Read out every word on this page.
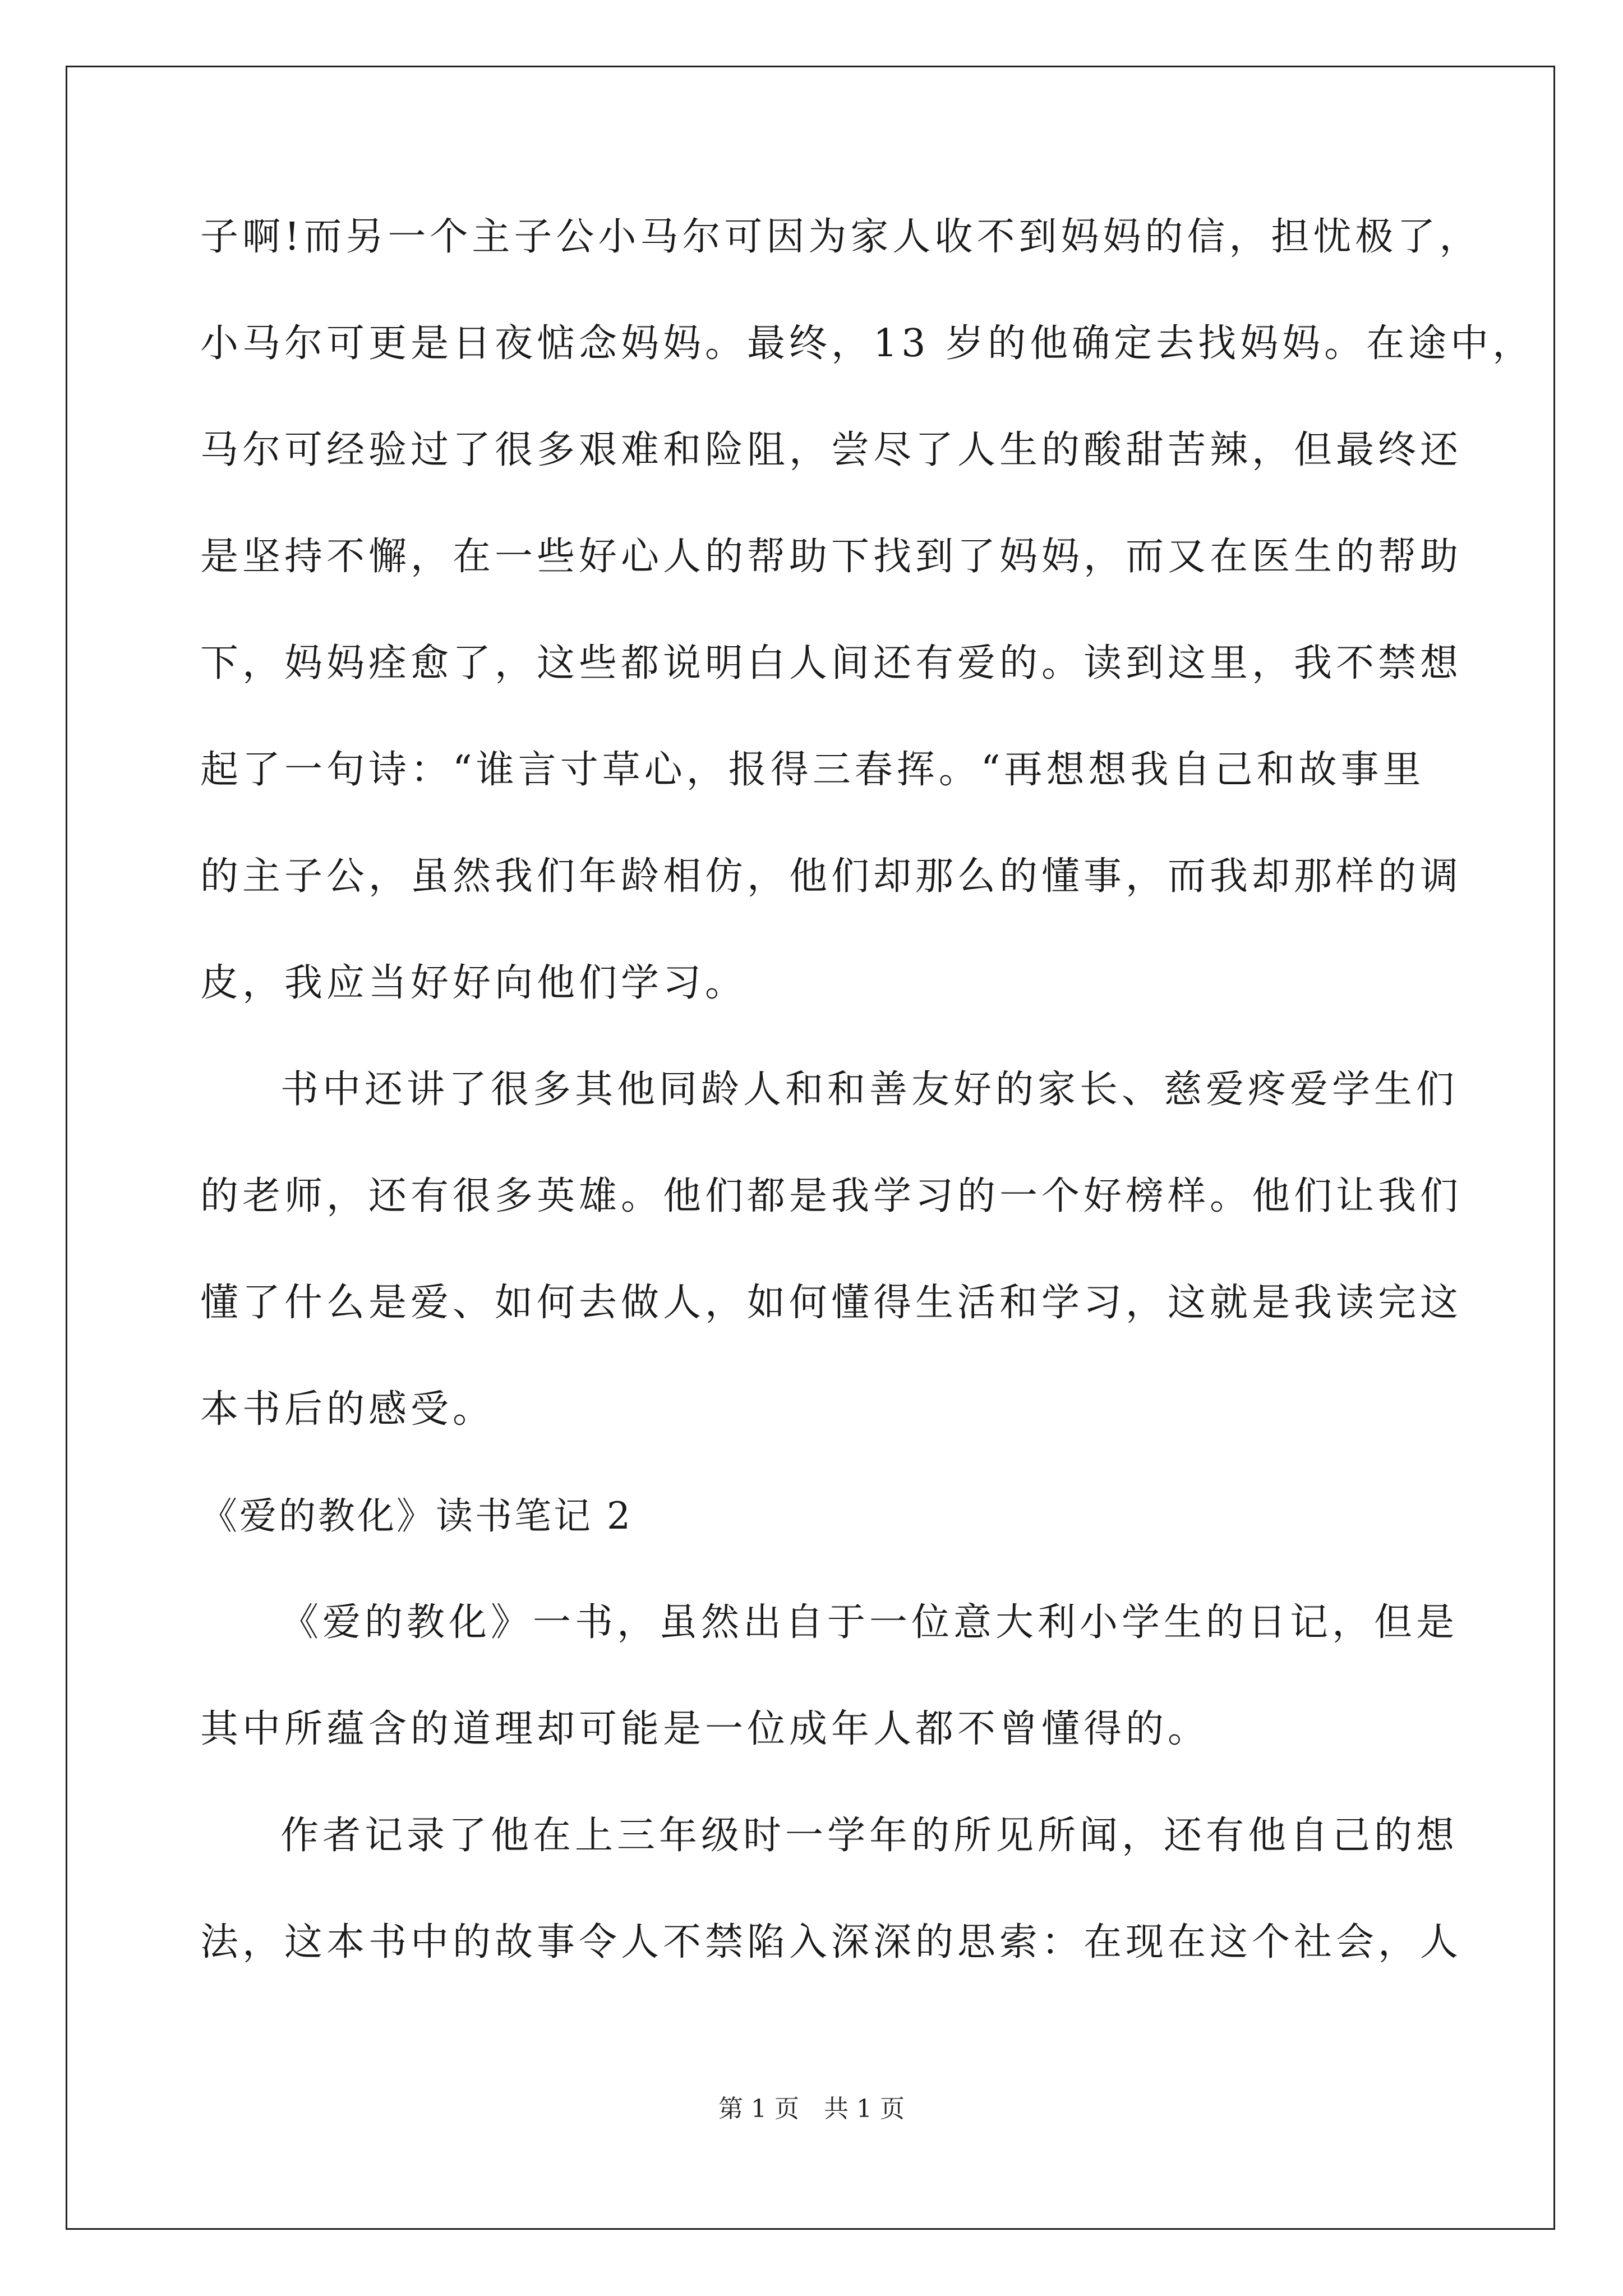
子啊!而另一个主子公小马尔可因为家人收不到妈妈的信，担忧极了，

小马尔可更是日夜惦念妈妈。最终，13 岁的他确定去找妈妈。在途中，

马尔可经验过了很多艰难和险阻，尝尽了人生的酸甜苦辣，但最终还

是坚持不懈，在一些好心人的帮助下找到了妈妈，而又在医生的帮助

下，妈妈痊愈了，这些都说明白人间还有爱的。读到这里，我不禁想

起了一句诗：“谁言寸草心，报得三春挥。“再想想我自己和故事里

的主子公，虽然我们年龄相仿，他们却那么的懂事，而我却那样的调

皮，我应当好好向他们学习。

书中还讲了很多其他同龄人和和善友好的家长、慈爱疼爱学生们

的老师，还有很多英雄。他们都是我学习的一个好榜样。他们让我们

懂了什么是爱、如何去做人，如何懂得生活和学习，这就是我读完这

本书后的感受。

《爱的教化》读书笔记 2

《爱的教化》一书，虽然出自于一位意大利小学生的日记，但是

其中所蕴含的道理却可能是一位成年人都不曾懂得的。

作者记录了他在上三年级时一学年的所见所闻，还有他自己的想

法，这本书中的故事令人不禁陷入深深的思索：在现在这个社会，人

第 1 页　共 1 页
